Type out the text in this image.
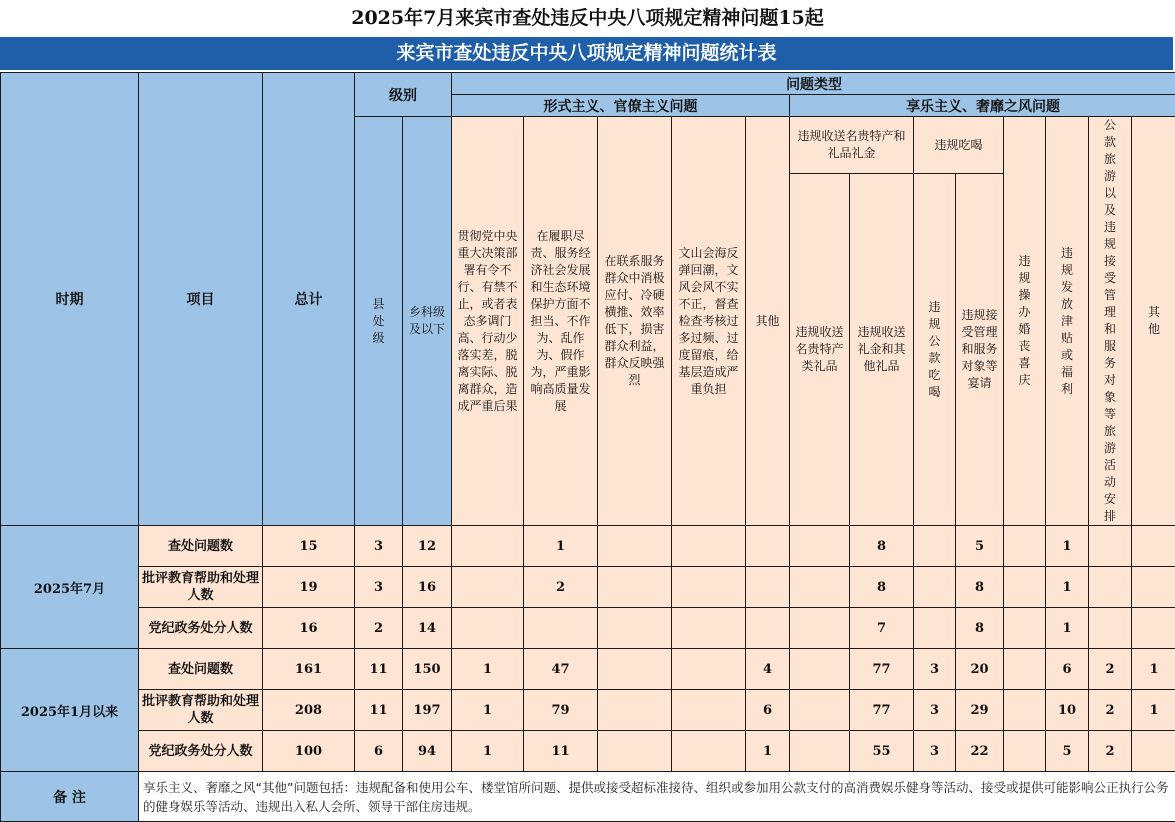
2025年7月来宾市查处违反中央八项规定精神问题15起
来宾市查处违反中央八项规定精神问题统计表
时期	项目	总计	级别		问题类型												
					形式主义、官僚主义问题					享乐主义、奢靡之风问题							
			县处级	乡科级及以下	贯彻党中央重大决策部署有令不行、有禁不止，或者表态多调门高、行动少落实差，脱离实际、脱离群众，造成严重后果	在履职尽责、服务经济社会发展和生态环境保护方面不担当、不作为、乱作为、假作为，严重影响高质量发展	在联系服务群众中消极应付、冷硬横推、效率低下，损害群众利益，群众反映强烈	文山会海反弹回潮，文风会风不实不正，督查检查考核过多过频、过度留痕，给基层造成严重负担	其他	违规收送名贵特产和礼品礼金		违规吃喝		违规操办婚丧喜庆	违规发放津贴或福利	公款旅游以及违规接受管理和服务对象等旅游活动安排	其他
										违规收送名贵特产类礼品	违规收送礼金和其他礼品	违规公款吃喝	违规接受管理和服务对象等宴请				
2025年7月	查处问题数	15	3	12		1					8		5		1		
	批评教育帮助和处理人数	19	3	16		2					8		8		1		
	党纪政务处分人数	16	2	14							7		8		1		
2025年1月以来	查处问题数	161	11	150	1	47			4		77	3	20		6	2	1
	批评教育帮助和处理人数	208	11	197	1	79			6		77	3	29		10	2	1
	党纪政务处分人数	100	6	94	1	11			1		55	3	22		5	2	
备 注	享乐主义、奢靡之风“其他”问题包括：违规配备和使用公车、楼堂馆所问题、提供或接受超标准接待、组织或参加用公款支付的高消费娱乐健身等活动、接受或提供可能影响公正执行公务的健身娱乐等活动、违规出入私人会所、领导干部住房违规。																
